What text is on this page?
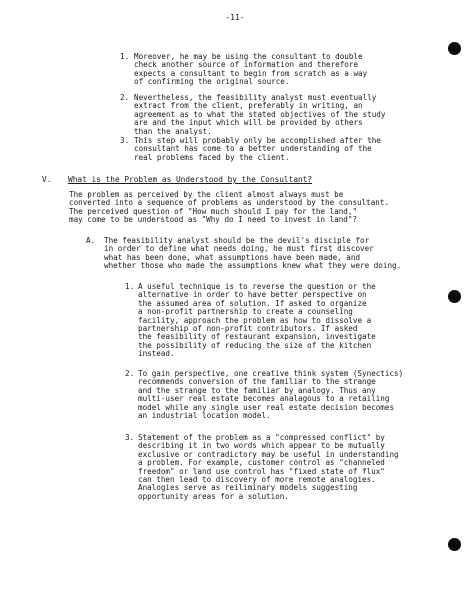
-11-
1. Moreover, he may be using the consultant to double
check another source of information and therefore
expects a consultant to begin from scratch as a way
of confirming the original source.
2. Nevertheless, the feasibility analyst must eventually
extract from the client, preferably in writing, an
agreement as to what the stated objectives of the study
are and the input which will be provided by others
than the analyst.
3. This step will probably only be accomplished after the
consultant has come to a better understanding of the
real problems faced by the client.
V. What is the Problem as Understood by the Consultant?
The problem as perceived by the client almost always must be
converted into a sequence of problems as understood by the consultant.
The perceived question of "How much should I pay for the land,"
may come to be understood as "Why do I need to invest in land"?
A. The feasibility analyst should be the devil's disciple for
in order to define what needs doing, he must first discover
what has been done, what assumptions have been made, and
whether those who made the assumptions knew what they were doing.
1. A useful technique is to reverse the question or the
alternative in order to have better perspective on
the assumed area of solution. If asked to organize
a non-profit partnership to create a counseling
facility, approach the problem as how to dissolve a
partnership of non-profit contributors. If asked
the feasibility of restaurant expansion, investigate
the possibility of reducing the size of the kitchen
instead.
2. To gain perspective, one creative think system (Synectics)
recommends conversion of the familiar to the strange
and the strange to the familiar by analogy. Thus any
multi-user real estate becomes analagous to a retailing
model while any single user real estate decision becomes
an industrial location model.
3. Statement of the problem as a "compressed conflict" by
describing it in two words which appear to be mutually
exclusive or contradictory may be useful in understanding
a problem. For example, customer control as "channeled
freedom" or land use control has "fixed state of flux"
can then lead to discovery of more remote analogies.
Analogies serve as reiliminary models suggesting
opportunity areas for a solution.
